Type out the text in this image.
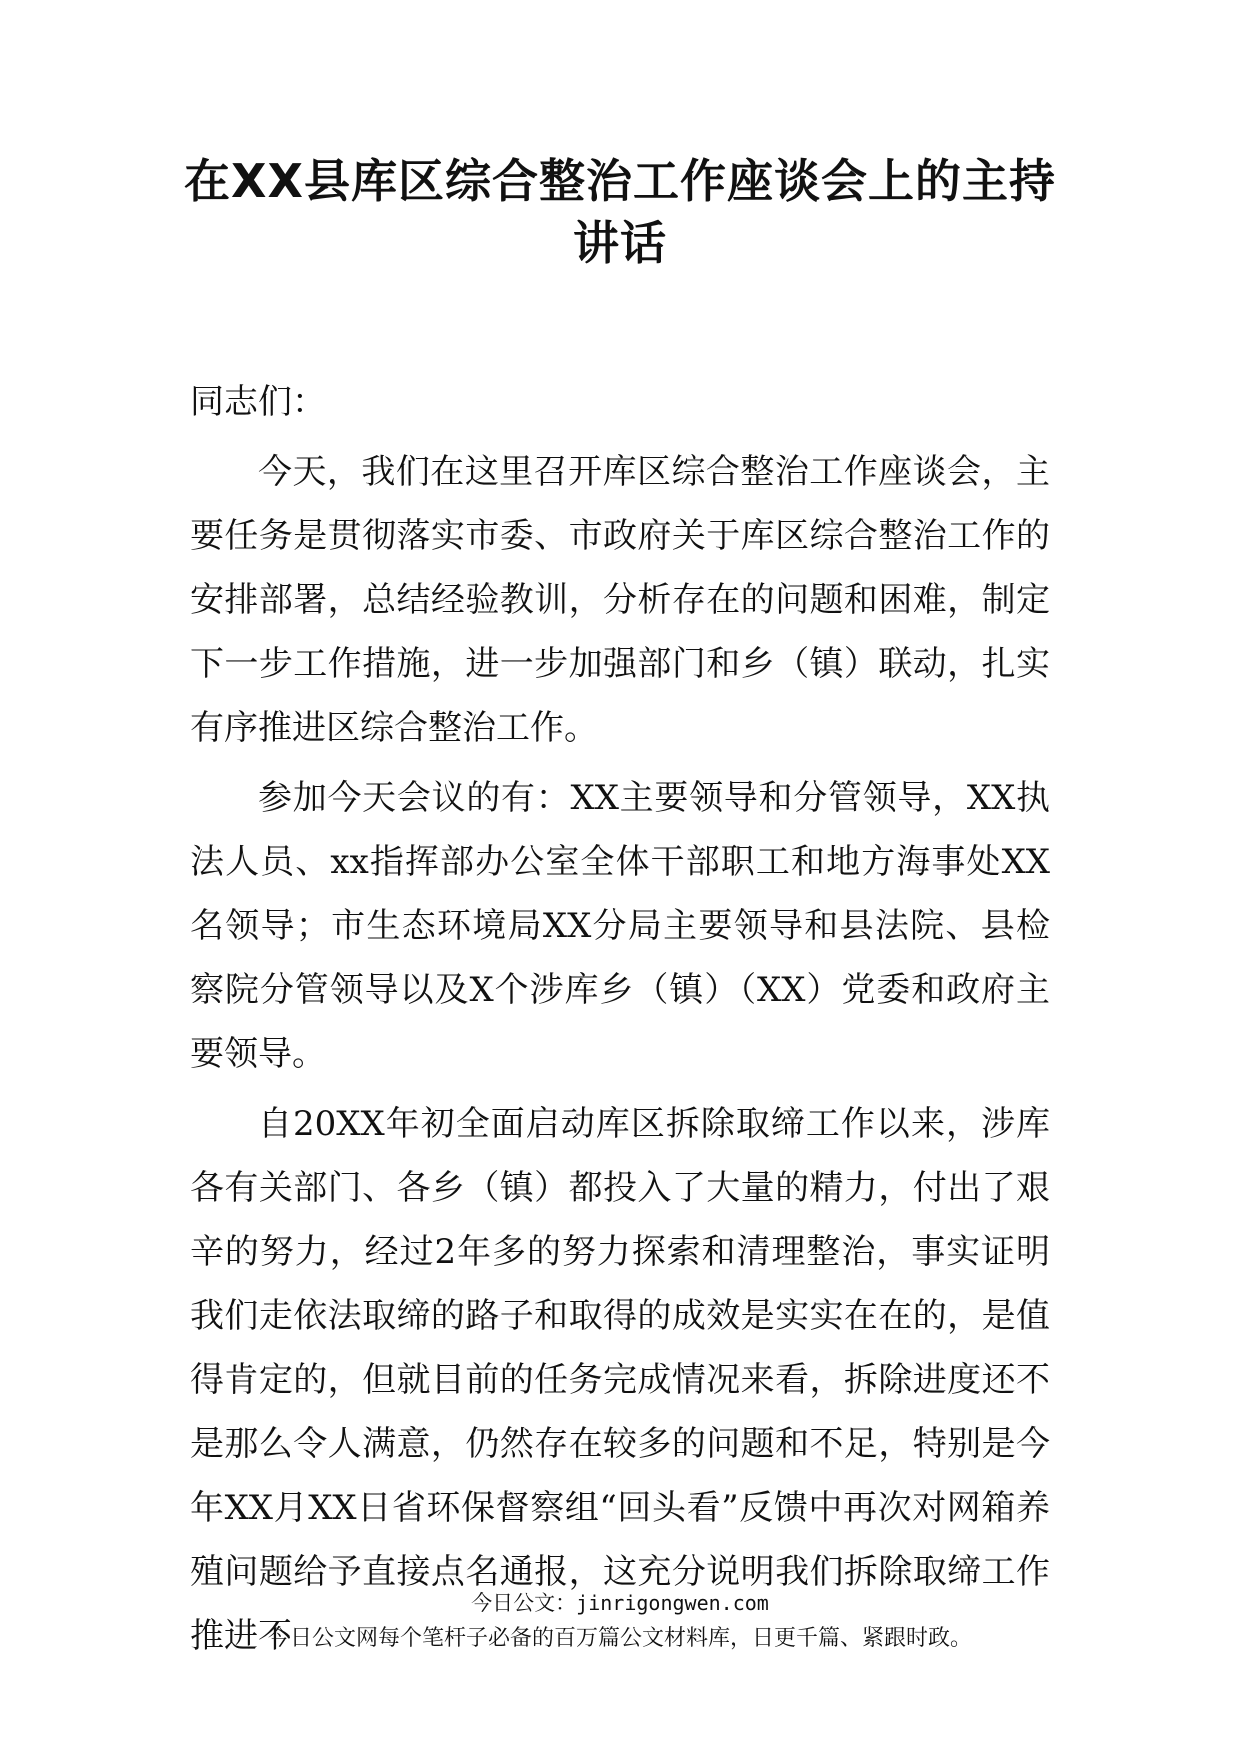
在XX县库区综合整治工作座谈会上的主持
讲话

同志们：

今天，我们在这里召开库区综合整治工作座谈会，主要任务是贯彻落实市委、市政府关于库区综合整治工作的安排部署，总结经验教训，分析存在的问题和困难，制定下一步工作措施，进一步加强部门和乡（镇）联动，扎实有序推进区综合整治工作。

参加今天会议的有：XX主要领导和分管领导，XX执法人员、xx指挥部办公室全体干部职工和地方海事处XX名领导；市生态环境局XX分局主要领导和县法院、县检察院分管领导以及X个涉库乡（镇）（XX）党委和政府主要领导。

自20XX年初全面启动库区拆除取缔工作以来，涉库各有关部门、各乡（镇）都投入了大量的精力，付出了艰辛的努力，经过2年多的努力探索和清理整治，事实证明我们走依法取缔的路子和取得的成效是实实在在的，是值得肯定的，但就目前的任务完成情况来看，拆除进度还不是那么令人满意，仍然存在较多的问题和不足，特别是今年XX月XX日省环保督察组“回头看”反馈中再次对网箱养殖问题给予直接点名通报，这充分说明我们拆除取缔工作推进不

今日公文：jinrigongwen.com
今日公文网每个笔杆子必备的百万篇公文材料库，日更千篇、紧跟时政。
